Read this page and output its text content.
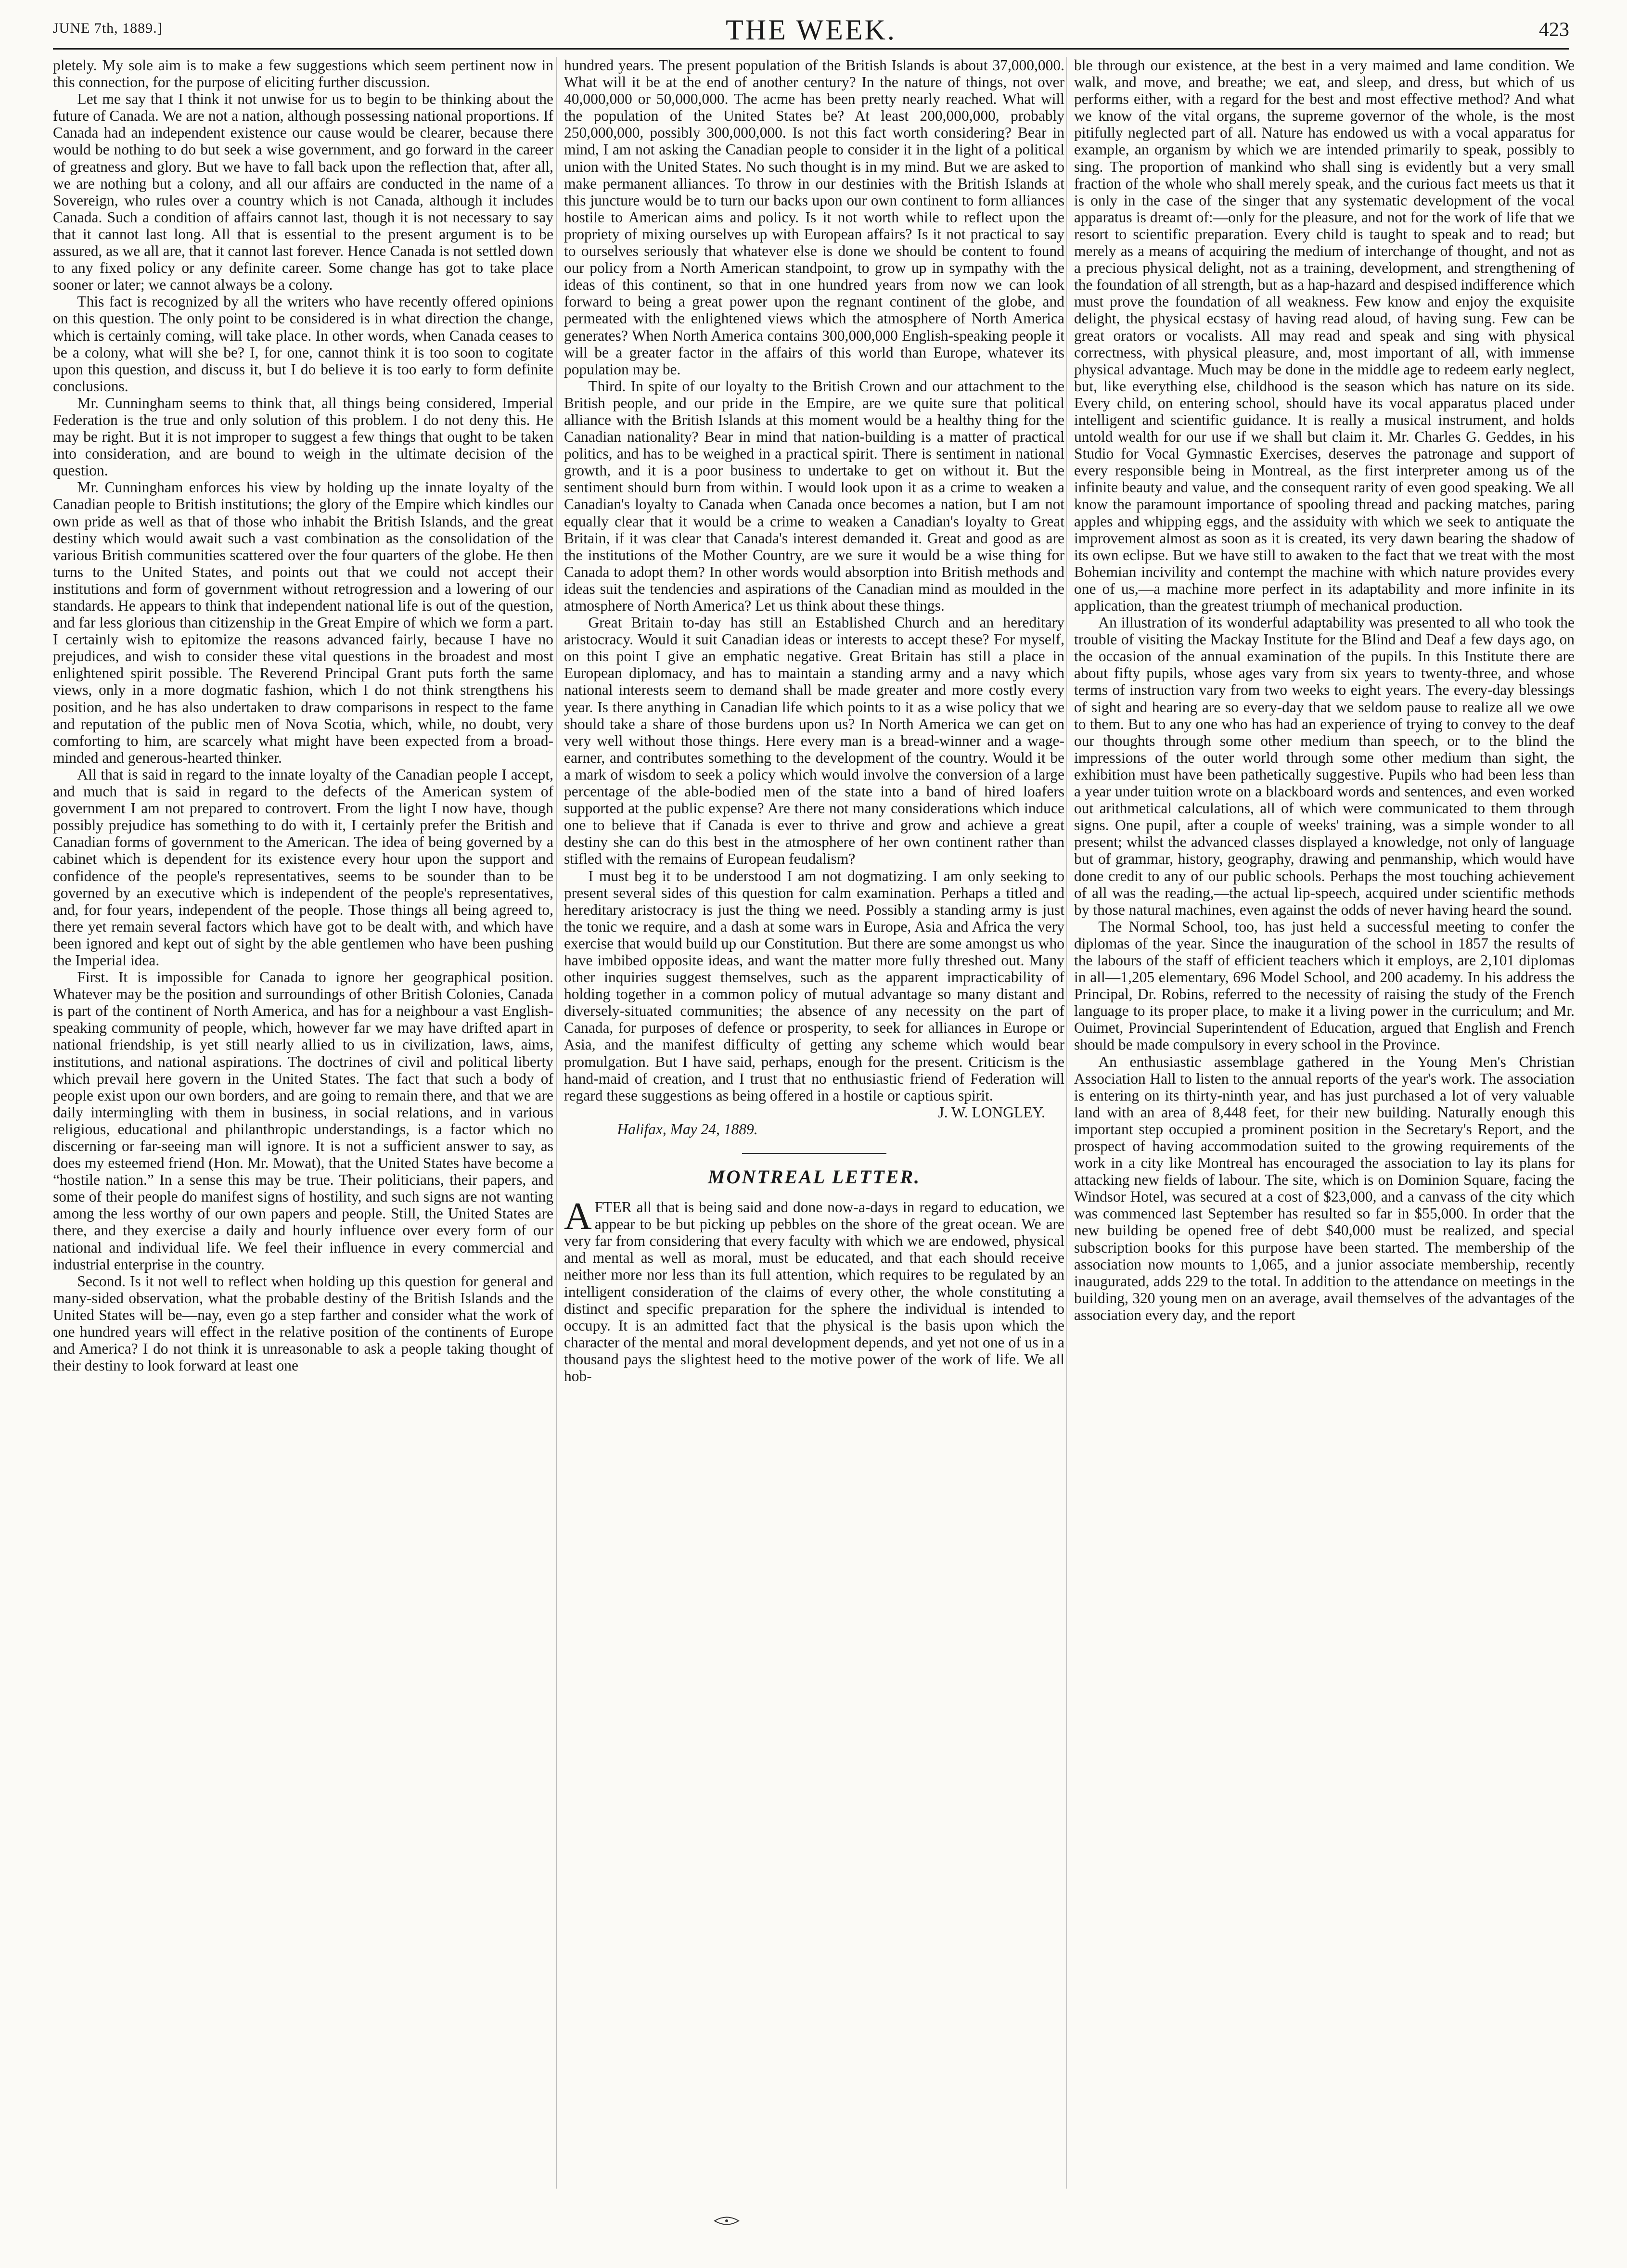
JUNE 7th, 1889.]	THE WEEK.	423

pletely. My sole aim is to make a few suggestions which seem pertinent now in this connection, for the purpose of eliciting further discussion.

Let me say that I think it not unwise for us to begin to be thinking about the future of Canada. We are not a nation, although possessing national proportions. If Canada had an independent existence our cause would be clearer, because there would be nothing to do but seek a wise government, and go forward in the career of greatness and glory. But we have to fall back upon the reflection that, after all, we are nothing but a colony, and all our affairs are conducted in the name of a Sovereign, who rules over a country which is not Canada, although it includes Canada. Such a condition of affairs cannot last, though it is not necessary to say that it cannot last long. All that is essential to the present argument is to be assured, as we all are, that it cannot last forever. Hence Canada is not settled down to any fixed policy or any definite career. Some change has got to take place sooner or later; we cannot always be a colony.

This fact is recognized by all the writers who have recently offered opinions on this question. The only point to be considered is in what direction the change, which is certainly coming, will take place. In other words, when Canada ceases to be a colony, what will she be? I, for one, cannot think it is too soon to cogitate upon this question, and discuss it, but I do believe it is too early to form definite conclusions.

Mr. Cunningham seems to think that, all things being considered, Imperial Federation is the true and only solution of this problem. I do not deny this. He may be right. But it is not improper to suggest a few things that ought to be taken into consideration, and are bound to weigh in the ultimate decision of the question.

Mr. Cunningham enforces his view by holding up the innate loyalty of the Canadian people to British institutions; the glory of the Empire which kindles our own pride as well as that of those who inhabit the British Islands, and the great destiny which would await such a vast combination as the consolidation of the various British communities scattered over the four quarters of the globe. He then turns to the United States, and points out that we could not accept their institutions and form of government without retrogression and a lowering of our standards. He appears to think that independent national life is out of the question, and far less glorious than citizenship in the Great Empire of which we form a part. I certainly wish to epitomize the reasons advanced fairly, because I have no prejudices, and wish to consider these vital questions in the broadest and most enlightened spirit possible. The Reverend Principal Grant puts forth the same views, only in a more dogmatic fashion, which I do not think strengthens his position, and he has also undertaken to draw comparisons in respect to the fame and reputation of the public men of Nova Scotia, which, while, no doubt, very comforting to him, are scarcely what might have been expected from a broad-minded and generous-hearted thinker.

All that is said in regard to the innate loyalty of the Canadian people I accept, and much that is said in regard to the defects of the American system of government I am not prepared to controvert. From the light I now have, though possibly prejudice has something to do with it, I certainly prefer the British and Canadian forms of government to the American. The idea of being governed by a cabinet which is dependent for its existence every hour upon the support and confidence of the people's representatives, seems to be sounder than to be governed by an executive which is independent of the people's representatives, and, for four years, independent of the people. Those things all being agreed to, there yet remain several factors which have got to be dealt with, and which have been ignored and kept out of sight by the able gentlemen who have been pushing the Imperial idea.

First. It is impossible for Canada to ignore her geographical position. Whatever may be the position and surroundings of other British Colonies, Canada is part of the continent of North America, and has for a neighbour a vast English-speaking community of people, which, however far we may have drifted apart in national friendship, is yet still nearly allied to us in civilization, laws, aims, institutions, and national aspirations. The doctrines of civil and political liberty which prevail here govern in the United States. The fact that such a body of people exist upon our own borders, and are going to remain there, and that we are daily intermingling with them in business, in social relations, and in various religious, educational and philanthropic understandings, is a factor which no discerning or far-seeing man will ignore. It is not a sufficient answer to say, as does my esteemed friend (Hon. Mr. Mowat), that the United States have become a “hostile nation.” In a sense this may be true. Their politicians, their papers, and some of their people do manifest signs of hostility, and such signs are not wanting among the less worthy of our own papers and people. Still, the United States are there, and they exercise a daily and hourly influence over every form of our national and individual life. We feel their influence in every commercial and industrial enterprise in the country.

Second. Is it not well to reflect when holding up this question for general and many-sided observation, what the probable destiny of the British Islands and the United States will be—nay, even go a step farther and consider what the work of one hundred years will effect in the relative position of the continents of Europe and America? I do not think it is unreasonable to ask a people taking thought of their destiny to look forward at least one

hundred years. The present population of the British Islands is about 37,000,000. What will it be at the end of another century? In the nature of things, not over 40,000,000 or 50,000,000. The acme has been pretty nearly reached. What will the population of the United States be? At least 200,000,000, probably 250,000,000, possibly 300,000,000. Is not this fact worth considering? Bear in mind, I am not asking the Canadian people to consider it in the light of a political union with the United States. No such thought is in my mind. But we are asked to make permanent alliances. To throw in our destinies with the British Islands at this juncture would be to turn our backs upon our own continent to form alliances hostile to American aims and policy. Is it not worth while to reflect upon the propriety of mixing ourselves up with European affairs? Is it not practical to say to ourselves seriously that whatever else is done we should be content to found our policy from a North American standpoint, to grow up in sympathy with the ideas of this continent, so that in one hundred years from now we can look forward to being a great power upon the regnant continent of the globe, and permeated with the enlightened views which the atmosphere of North America generates? When North America contains 300,000,000 English-speaking people it will be a greater factor in the affairs of this world than Europe, whatever its population may be.

Third. In spite of our loyalty to the British Crown and our attachment to the British people, and our pride in the Empire, are we quite sure that political alliance with the British Islands at this moment would be a healthy thing for the Canadian nationality? Bear in mind that nation-building is a matter of practical politics, and has to be weighed in a practical spirit. There is sentiment in national growth, and it is a poor business to undertake to get on without it. But the sentiment should burn from within. I would look upon it as a crime to weaken a Canadian's loyalty to Canada when Canada once becomes a nation, but I am not equally clear that it would be a crime to weaken a Canadian's loyalty to Great Britain, if it was clear that Canada's interest demanded it. Great and good as are the institutions of the Mother Country, are we sure it would be a wise thing for Canada to adopt them? In other words would absorption into British methods and ideas suit the tendencies and aspirations of the Canadian mind as moulded in the atmosphere of North America? Let us think about these things.

Great Britain to-day has still an Established Church and an hereditary aristocracy. Would it suit Canadian ideas or interests to accept these? For myself, on this point I give an emphatic negative. Great Britain has still a place in European diplomacy, and has to maintain a standing army and a navy which national interests seem to demand shall be made greater and more costly every year. Is there anything in Canadian life which points to it as a wise policy that we should take a share of those burdens upon us? In North America we can get on very well without those things. Here every man is a bread-winner and a wage-earner, and contributes something to the development of the country. Would it be a mark of wisdom to seek a policy which would involve the conversion of a large percentage of the able-bodied men of the state into a band of hired loafers supported at the public expense? Are there not many considerations which induce one to believe that if Canada is ever to thrive and grow and achieve a great destiny she can do this best in the atmosphere of her own continent rather than stifled with the remains of European feudalism?

I must beg it to be understood I am not dogmatizing. I am only seeking to present several sides of this question for calm examination. Perhaps a titled and hereditary aristocracy is just the thing we need. Possibly a standing army is just the tonic we require, and a dash at some wars in Europe, Asia and Africa the very exercise that would build up our Constitution. But there are some amongst us who have imbibed opposite ideas, and want the matter more fully threshed out. Many other inquiries suggest themselves, such as the apparent impracticability of holding together in a common policy of mutual advantage so many distant and diversely-situated communities; the absence of any necessity on the part of Canada, for purposes of defence or prosperity, to seek for alliances in Europe or Asia, and the manifest difficulty of getting any scheme which would bear promulgation. But I have said, perhaps, enough for the present. Criticism is the hand-maid of creation, and I trust that no enthusiastic friend of Federation will regard these suggestions as being offered in a hostile or captious spirit.

J. W. LONGLEY.

Halifax, May 24, 1889.

MONTREAL LETTER.

AFTER all that is being said and done now-a-days in regard to education, we appear to be but picking up pebbles on the shore of the great ocean. We are very far from considering that every faculty with which we are endowed, physical and mental as well as moral, must be educated, and that each should receive neither more nor less than its full attention, which requires to be regulated by an intelligent consideration of the claims of every other, the whole constituting a distinct and specific preparation for the sphere the individual is intended to occupy. It is an admitted fact that the physical is the basis upon which the character of the mental and moral development depends, and yet not one of us in a thousand pays the slightest heed to the motive power of the work of life. We all hob-

ble through our existence, at the best in a very maimed and lame condition. We walk, and move, and breathe; we eat, and sleep, and dress, but which of us performs either, with a regard for the best and most effective method? And what we know of the vital organs, the supreme governor of the whole, is the most pitifully neglected part of all. Nature has endowed us with a vocal apparatus for example, an organism by which we are intended primarily to speak, possibly to sing. The proportion of mankind who shall sing is evidently but a very small fraction of the whole who shall merely speak, and the curious fact meets us that it is only in the case of the singer that any systematic development of the vocal apparatus is dreamt of:—only for the pleasure, and not for the work of life that we resort to scientific preparation. Every child is taught to speak and to read; but merely as a means of acquiring the medium of interchange of thought, and not as a precious physical delight, not as a training, development, and strengthening of the foundation of all strength, but as a hap-hazard and despised indifference which must prove the foundation of all weakness. Few know and enjoy the exquisite delight, the physical ecstasy of having read aloud, of having sung. Few can be great orators or vocalists. All may read and speak and sing with physical correctness, with physical pleasure, and, most important of all, with immense physical advantage. Much may be done in the middle age to redeem early neglect, but, like everything else, childhood is the season which has nature on its side. Every child, on entering school, should have its vocal apparatus placed under intelligent and scientific guidance. It is really a musical instrument, and holds untold wealth for our use if we shall but claim it. Mr. Charles G. Geddes, in his Studio for Vocal Gymnastic Exercises, deserves the patronage and support of every responsible being in Montreal, as the first interpreter among us of the infinite beauty and value, and the consequent rarity of even good speaking. We all know the paramount importance of spooling thread and packing matches, paring apples and whipping eggs, and the assiduity with which we seek to antiquate the improvement almost as soon as it is created, its very dawn bearing the shadow of its own eclipse. But we have still to awaken to the fact that we treat with the most Bohemian incivility and contempt the machine with which nature provides every one of us,—a machine more perfect in its adaptability and more infinite in its application, than the greatest triumph of mechanical production.

An illustration of its wonderful adaptability was presented to all who took the trouble of visiting the Mackay Institute for the Blind and Deaf a few days ago, on the occasion of the annual examination of the pupils. In this Institute there are about fifty pupils, whose ages vary from six years to twenty-three, and whose terms of instruction vary from two weeks to eight years. The every-day blessings of sight and hearing are so every-day that we seldom pause to realize all we owe to them. But to any one who has had an experience of trying to convey to the deaf our thoughts through some other medium than speech, or to the blind the impressions of the outer world through some other medium than sight, the exhibition must have been pathetically suggestive. Pupils who had been less than a year under tuition wrote on a blackboard words and sentences, and even worked out arithmetical calculations, all of which were communicated to them through signs. One pupil, after a couple of weeks' training, was a simple wonder to all present; whilst the advanced classes displayed a knowledge, not only of language but of grammar, history, geography, drawing and penmanship, which would have done credit to any of our public schools. Perhaps the most touching achievement of all was the reading,—the actual lip-speech, acquired under scientific methods by those natural machines, even against the odds of never having heard the sound.

The Normal School, too, has just held a successful meeting to confer the diplomas of the year. Since the inauguration of the school in 1857 the results of the labours of the staff of efficient teachers which it employs, are 2,101 diplomas in all—1,205 elementary, 696 Model School, and 200 academy. In his address the Principal, Dr. Robins, referred to the necessity of raising the study of the French language to its proper place, to make it a living power in the curriculum; and Mr. Ouimet, Provincial Superintendent of Education, argued that English and French should be made compulsory in every school in the Province.

An enthusiastic assemblage gathered in the Young Men's Christian Association Hall to listen to the annual reports of the year's work. The association is entering on its thirty-ninth year, and has just purchased a lot of very valuable land with an area of 8,448 feet, for their new building. Naturally enough this important step occupied a prominent position in the Secretary's Report, and the prospect of having accommodation suited to the growing requirements of the work in a city like Montreal has encouraged the association to lay its plans for attacking new fields of labour. The site, which is on Dominion Square, facing the Windsor Hotel, was secured at a cost of $23,000, and a canvass of the city which was commenced last September has resulted so far in $55,000. In order that the new building be opened free of debt $40,000 must be realized, and special subscription books for this purpose have been started. The membership of the association now mounts to 1,065, and a junior associate membership, recently inaugurated, adds 229 to the total. In addition to the attendance on meetings in the building, 320 young men on an average, avail themselves of the advantages of the association every day, and the report
